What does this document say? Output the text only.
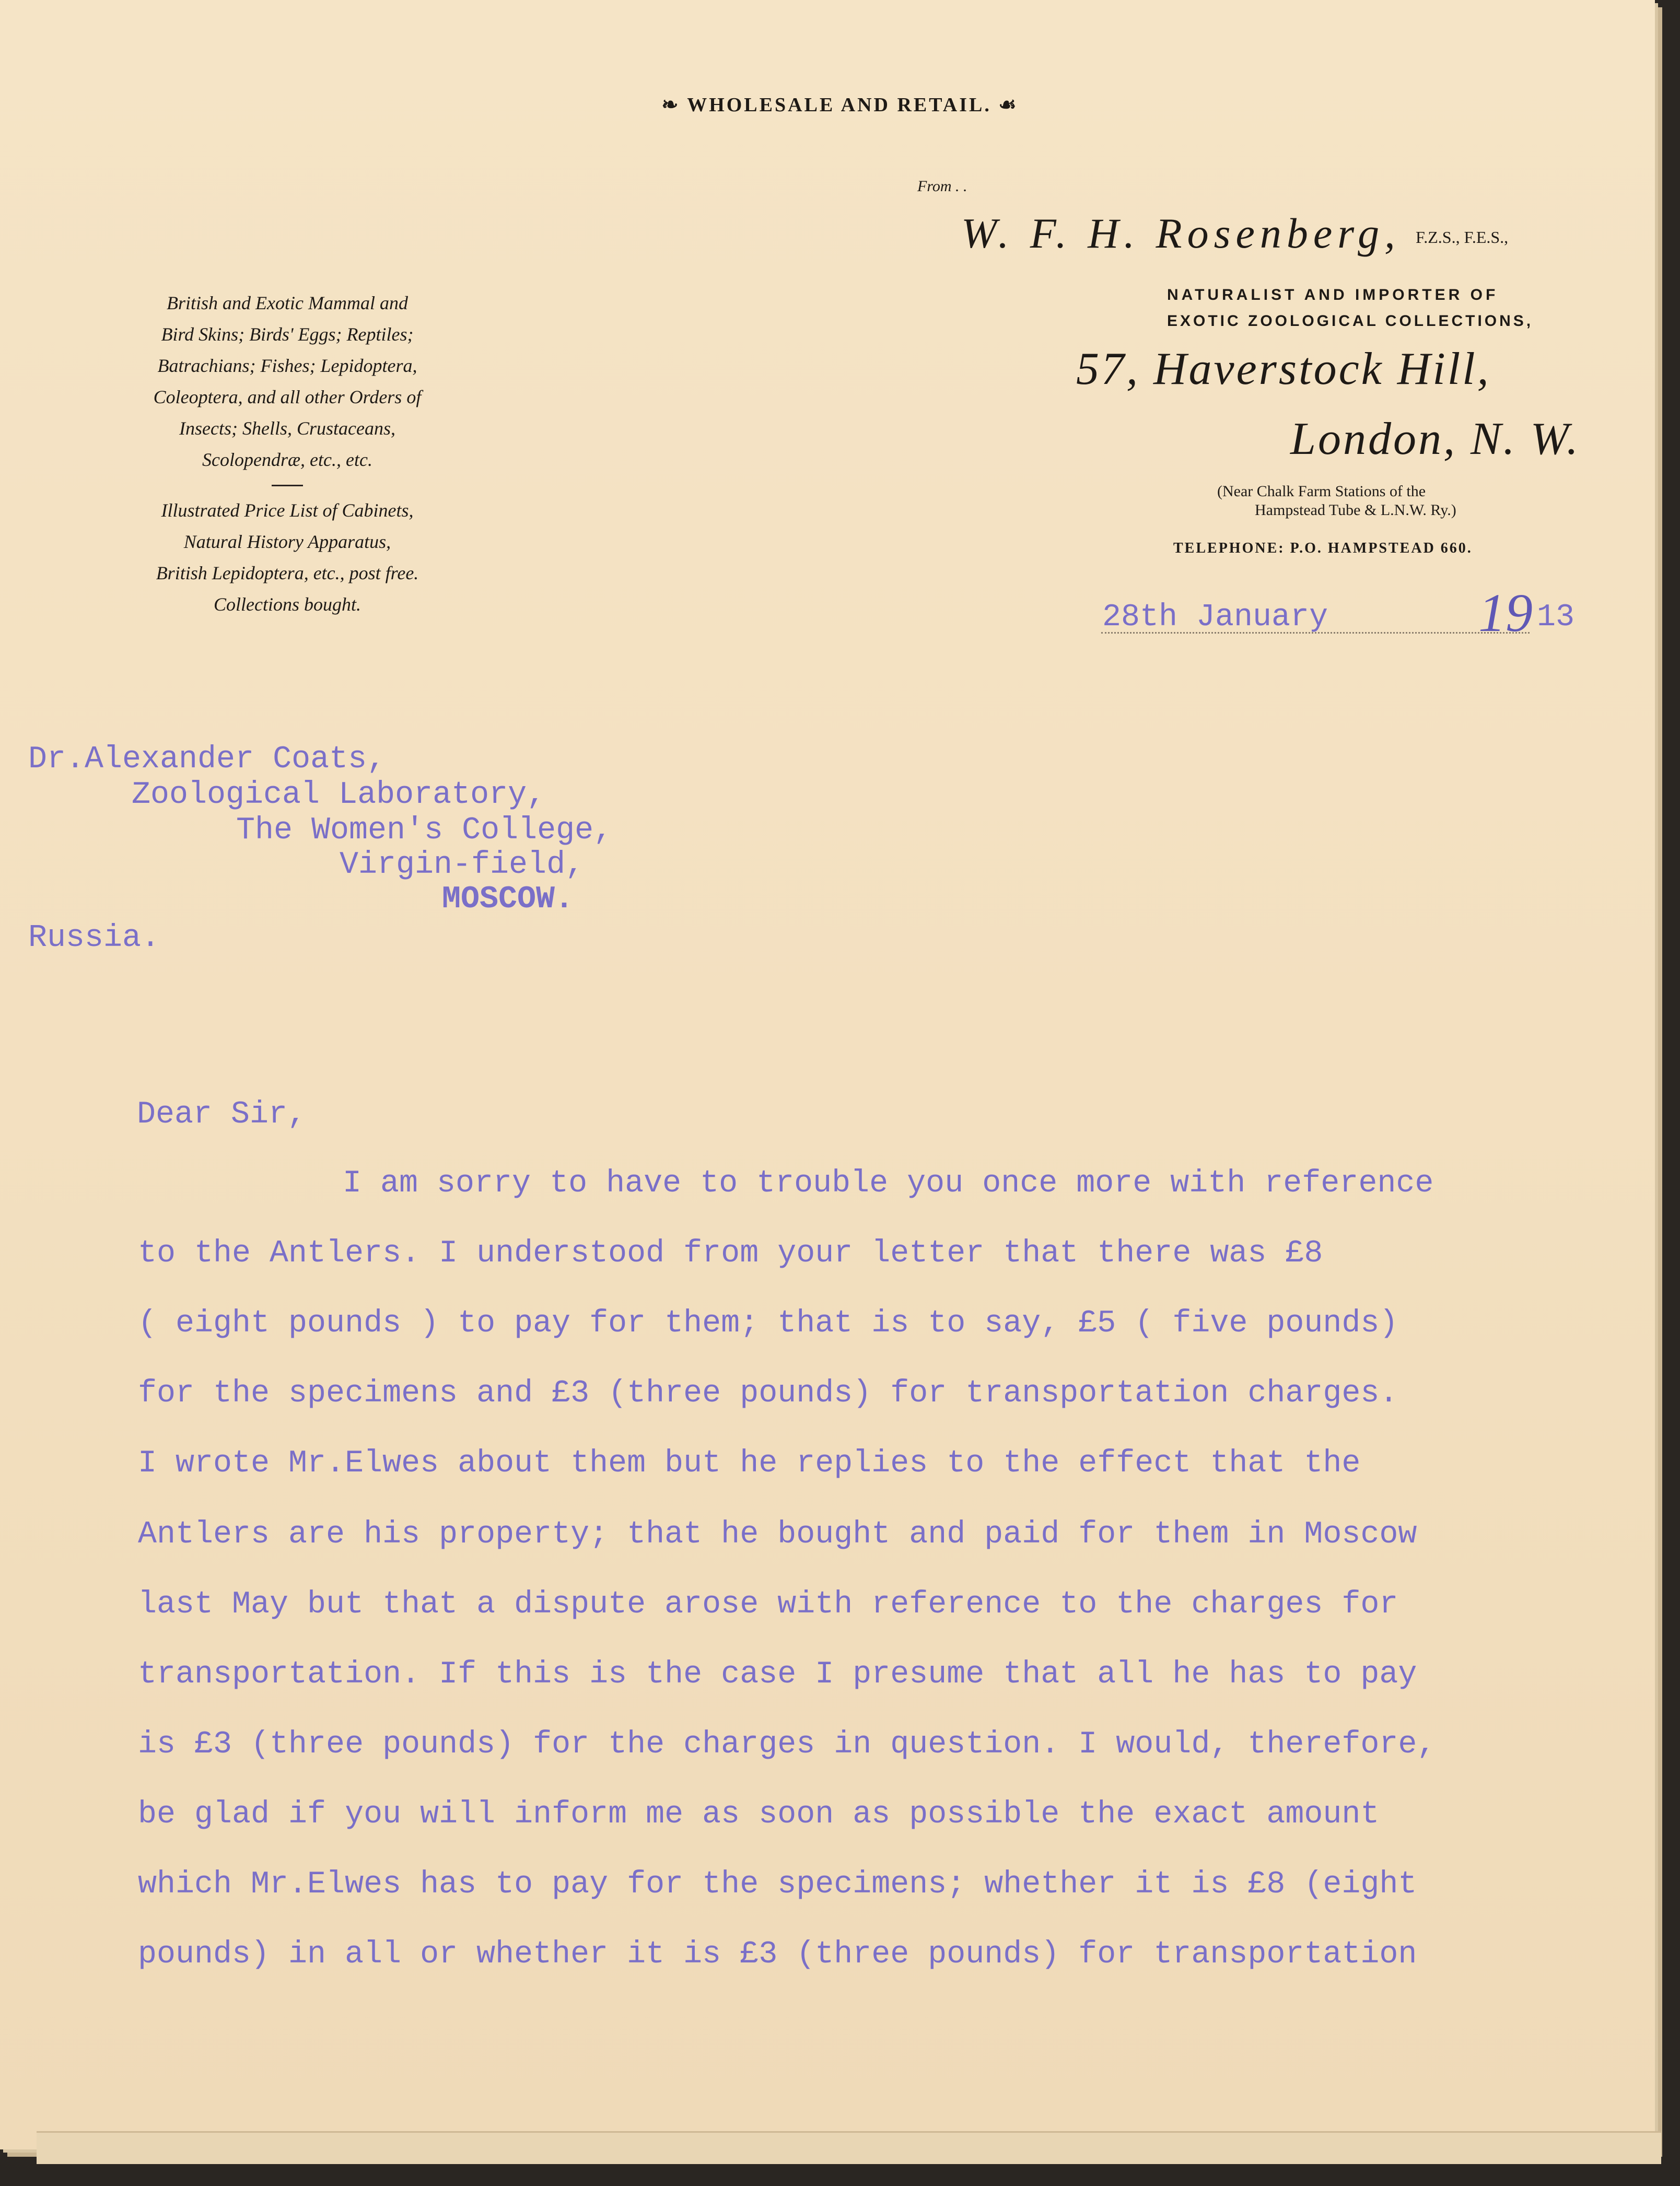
❧ WHOLESALE AND RETAIL. ☙
From . .
W. F. H. Rosenberg, F.Z.S., F.E.S.,
NATURALIST AND IMPORTER OF
EXOTIC ZOOLOGICAL COLLECTIONS,
57, Haverstock Hill,
London, N. W.
(Near Chalk Farm Stations of the
Hampstead Tube & L.N.W. Ry.)
TELEPHONE: P.O. HAMPSTEAD 660.
British and Exotic Mammal and
Bird Skins; Birds' Eggs; Reptiles;
Batrachians; Fishes; Lepidoptera,
Coleoptera, and all other Orders of
Insects; Shells, Crustaceans,
Scolopendræ, etc., etc.
Illustrated Price List of Cabinets,
Natural History Apparatus,
British Lepidoptera, etc., post free.
Collections bought.	28th January	19 13
Dr.Alexander Coats,
Zoological Laboratory,
The Women's College,
Virgin-field,
MOSCOW.
Russia.
Dear Sir,
I am sorry to have to trouble you once more with reference
to the Antlers. I understood from your letter that there was £8
( eight pounds ) to pay for them; that is to say, £5 ( five pounds)
for the specimens and £3 (three pounds) for transportation charges.
I wrote Mr.Elwes about them but he replies to the effect that the
Antlers are his property; that he bought and paid for them in Moscow
last May but that a dispute arose with reference to the charges for
transportation. If this is the case I presume that all he has to pay
is £3 (three pounds) for the charges in question. I would, therefore,
be glad if you will inform me as soon as possible the exact amount
which Mr.Elwes has to pay for the specimens; whether it is £8 (eight
pounds) in all or whether it is £3 (three pounds) for transportation
